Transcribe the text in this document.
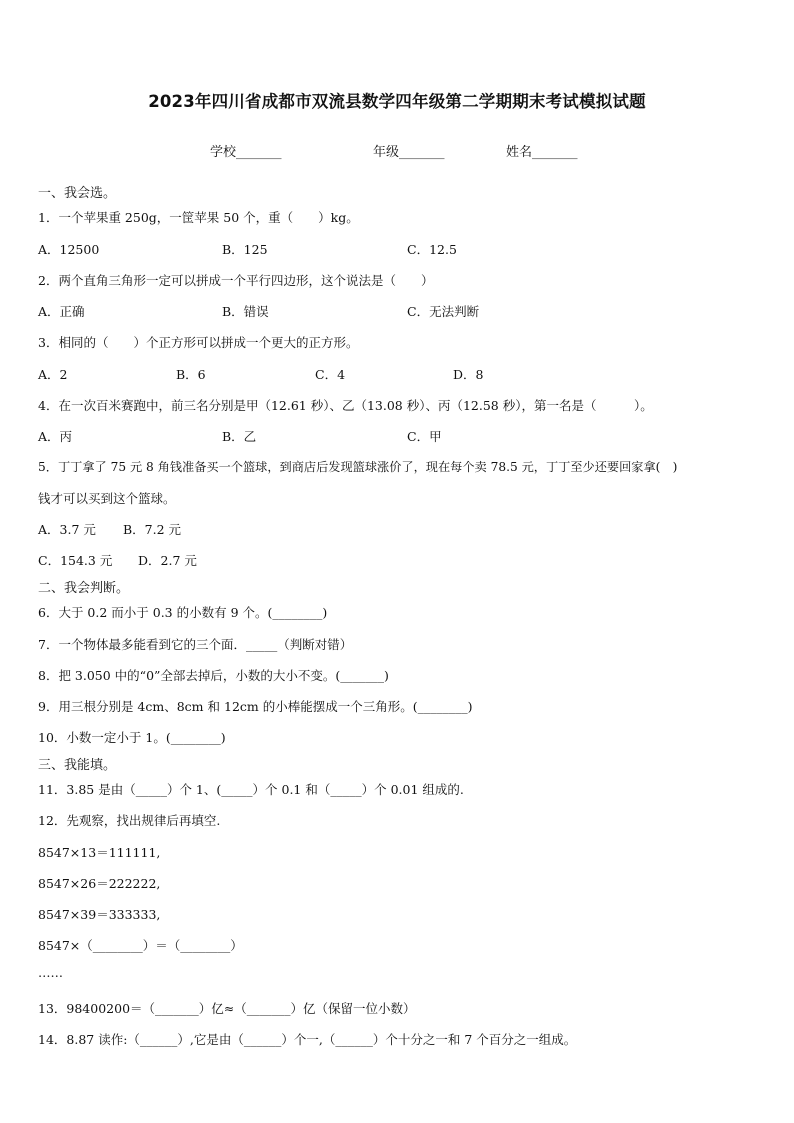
2023年四川省成都市双流县数学四年级第二学期期末考试模拟试题
学校_______	年级_______	姓名_______
一、我会选。
1．一个苹果重 250g，一筐苹果 50 个，重（　　）kg。
A．12500	B．125	C．12.5
2．两个直角三角形一定可以拼成一个平行四边形，这个说法是（　　）
A．正确	B．错误	C．无法判断
3．相同的（　　）个正方形可以拼成一个更大的正方形。
A．2	B．6	C．4	D．8
4．在一次百米赛跑中，前三名分别是甲（12.61 秒）、乙（13.08 秒）、丙（12.58 秒），第一名是（　　　）。
A．丙	B．乙	C．甲
5．丁丁拿了 75 元 8 角钱准备买一个篮球，到商店后发现篮球涨价了，现在每个卖 78.5 元，丁丁至少还要回家拿(　)
钱才可以买到这个篮球。
A．3.7 元 B．7.2 元
C．154.3 元 D．2.7 元
二、我会判断。
6．大于 0.2 而小于 0.3 的小数有 9 个。(________)
7．一个物体最多能看到它的三个面．_____（判断对错）
8．把 3.050 中的“0”全部去掉后，小数的大小不变。(_______)
9．用三根分别是 4cm、8cm 和 12cm 的小棒能摆成一个三角形。(________)
10．小数一定小于 1。(________)
三、我能填。
11．3.85 是由（_____）个 1、(_____）个 0.1 和（_____）个 0.01 组成的.
12．先观察，找出规律后再填空.
8547×13＝111111,
8547×26＝222222,
8547×39＝333333,
8547×（________）＝（________）
……
13．98400200＝（_______）亿≈（_______）亿（保留一位小数）
14．8.87 读作:（______）,它是由（______）个一,（______）个十分之一和 7 个百分之一组成。
